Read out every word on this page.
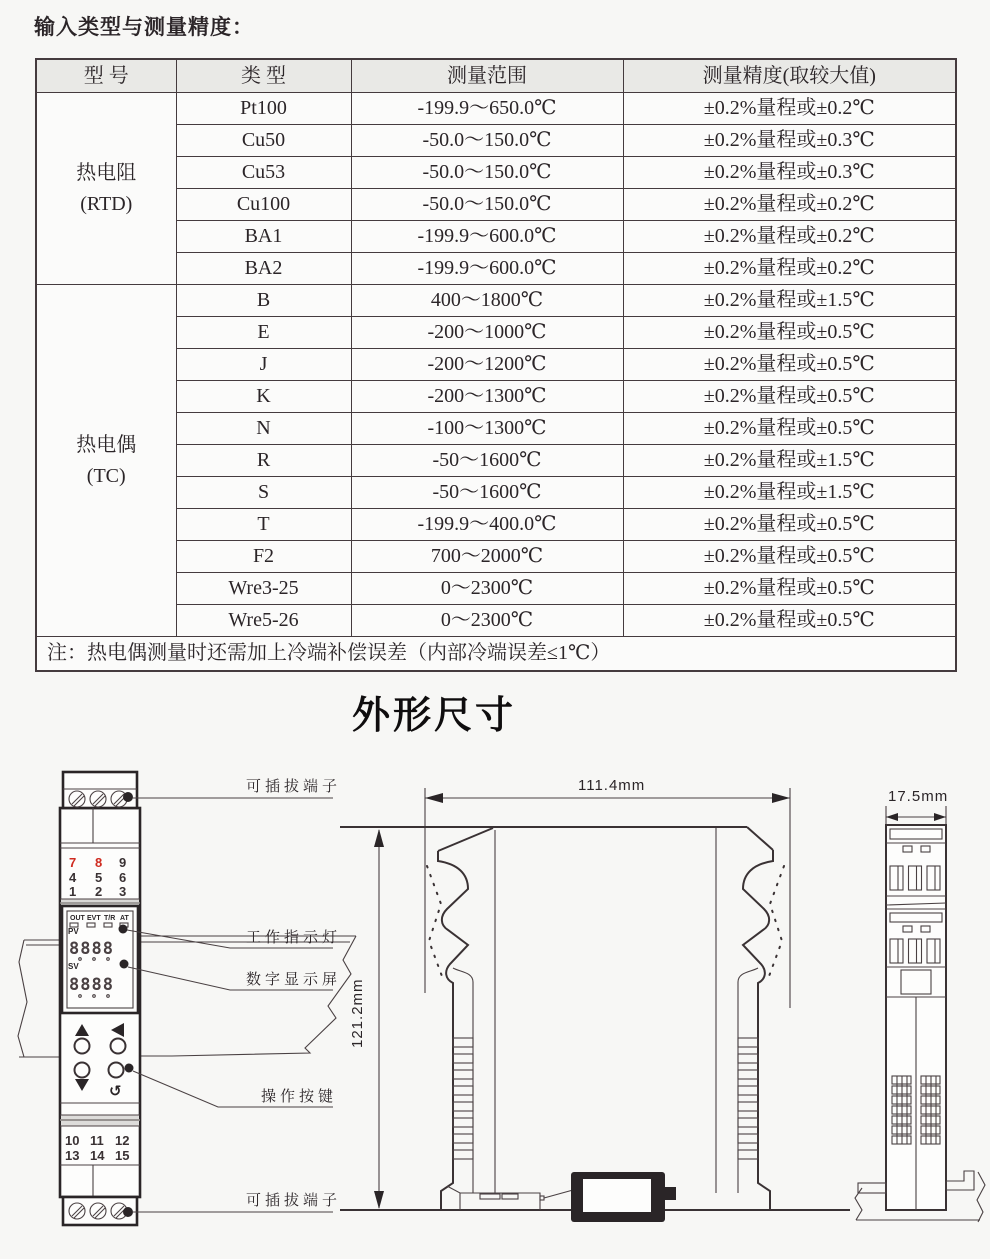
输入类型与测量精度：
型 号	类 型	测量范围	测量精度(取较大值)

热电阻
(RTD)	Pt100	-199.9～650.0℃	±0.2%量程或±0.2℃
	Cu50	-50.0～150.0℃	±0.2%量程或±0.3℃
	Cu53	-50.0～150.0℃	±0.2%量程或±0.3℃
	Cu100	-50.0～150.0℃	±0.2%量程或±0.2℃
	BA1	-199.9～600.0℃	±0.2%量程或±0.2℃
	BA2	-199.9～600.0℃	±0.2%量程或±0.2℃

热电偶
(TC)	B	400～1800℃	±0.2%量程或±1.5℃
	E	-200～1000℃	±0.2%量程或±0.5℃
	J	-200～1200℃	±0.2%量程或±0.5℃
	K	-200～1300℃	±0.2%量程或±0.5℃
	N	-100～1300℃	±0.2%量程或±0.5℃
	R	-50～1600℃	±0.2%量程或±1.5℃
	S	-50～1600℃	±0.2%量程或±1.5℃
	T	-199.9～400.0℃	±0.2%量程或±0.5℃
	F2	700～2000℃	±0.2%量程或±0.5℃
	Wre3-25	0～2300℃	±0.2%量程或±0.5℃
	Wre5-26	0～2300℃	±0.2%量程或±0.5℃
注：热电偶测量时还需加上冷端补偿误差（内部冷端误差≤1℃）			
外形尺寸
7 8 9
4 5 6
1 2 3
OUT EVT T/R AT
PV
8888
SV
8888
↺
10 11 12
13 14 15
可插拔端子
工作指示灯
数字显示屏
操作按键
可插拔端子
111.4mm
121.2mm
17.5mm
